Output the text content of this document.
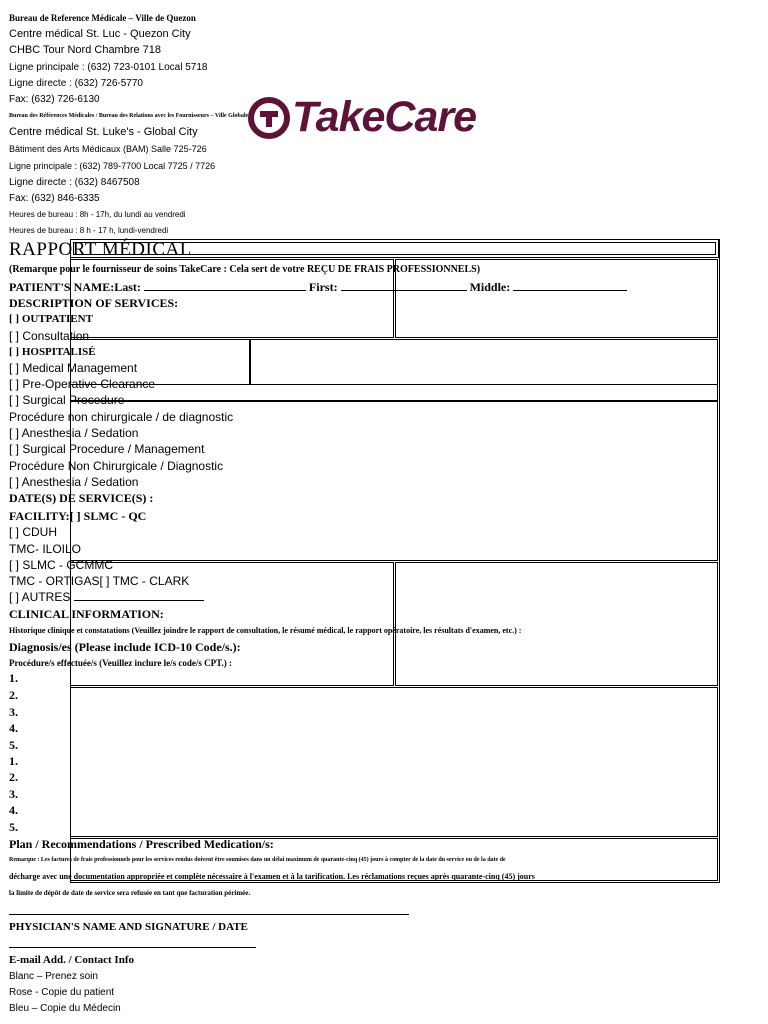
Bureau de Reference Médicale – Ville de Quezon
Centre médical St. Luc - Quezon City
CHBC Tour Nord Chambre 718
Ligne principale : (632) 723-0101 Local 5718
Ligne directe : (632) 726-5770
Fax: (632) 726-6130
Bureau des Références Médicales / Bureau des Relations avec les Fournisseurs – Ville Globale
Centre médical St. Luke's - Global City
Bâtiment des Arts Médicaux (BAM) Salle 725-726
Ligne principale : (632) 789-7700 Local 7725 / 7726
Ligne directe : (632) 8467508
Fax: (632) 846-6335
Heures de bureau : 8h - 17h, du lundi au vendredi
Heures de bureau : 8 h - 17 h, lundi-vendredi
TakeCare
RAPPORT MÉDICAL
(Remarque pour le fournisseur de soins TakeCare : Cela sert de votre REÇU DE FRAIS PROFESSIONNELS)
PATIENT'S NAME:Last:	First:	Middle:
DESCRIPTION OF SERVICES:
[ ] OUTPATIENT
[ ] Consultation
[ ] HOSPITALISÉ
[ ] Medical Management
[ ] Pre-Operative Clearance
[ ] Surgical Procedure
Procédure non chirurgicale / de diagnostic
[ ] Anesthesia / Sedation
[ ] Surgical Procedure / Management
Procédure Non Chirurgicale / Diagnostic
[ ] Anesthesia / Sedation
DATE(S) DE SERVICE(S) :
FACILITY:[ ] SLMC - QC
[ ] CDUH
TMC- ILOILO
[ ] SLMC - GCMMC
TMC - ORTIGAS[ ] TMC - CLARK
[ ] AUTRES
CLINICAL INFORMATION:
Historique clinique et constatations (Veuillez joindre le rapport de consultation, le résumé médical, le rapport opératoire, les résultats d'examen, etc.) :
Diagnosis/es (Please include ICD-10 Code/s.):
Procédure/s effectuée/s (Veuillez inclure le/s code/s CPT.) :
1.
2.
3.
4.
5.
1.
2.
3.
4.
5.
Plan / Recommendations / Prescribed Medication/s:
Remarque : Les factures de frais professionnels pour les services rendus doivent être soumises dans un délai maximum de quarante-cinq (45) jours à compter de la date du service ou de la date de
décharge avec une documentation appropriée et complète nécessaire à l'examen et à la tarification. Les réclamations reçues après quarante-cinq (45) jours
la limite de dépôt de date de service sera refusée en tant que facturation périmée.
PHYSICIAN'S NAME AND SIGNATURE / DATE
E-mail Add. / Contact Info
Blanc – Prenez soin
Rose - Copie du patient
Bleu – Copie du Médecin
